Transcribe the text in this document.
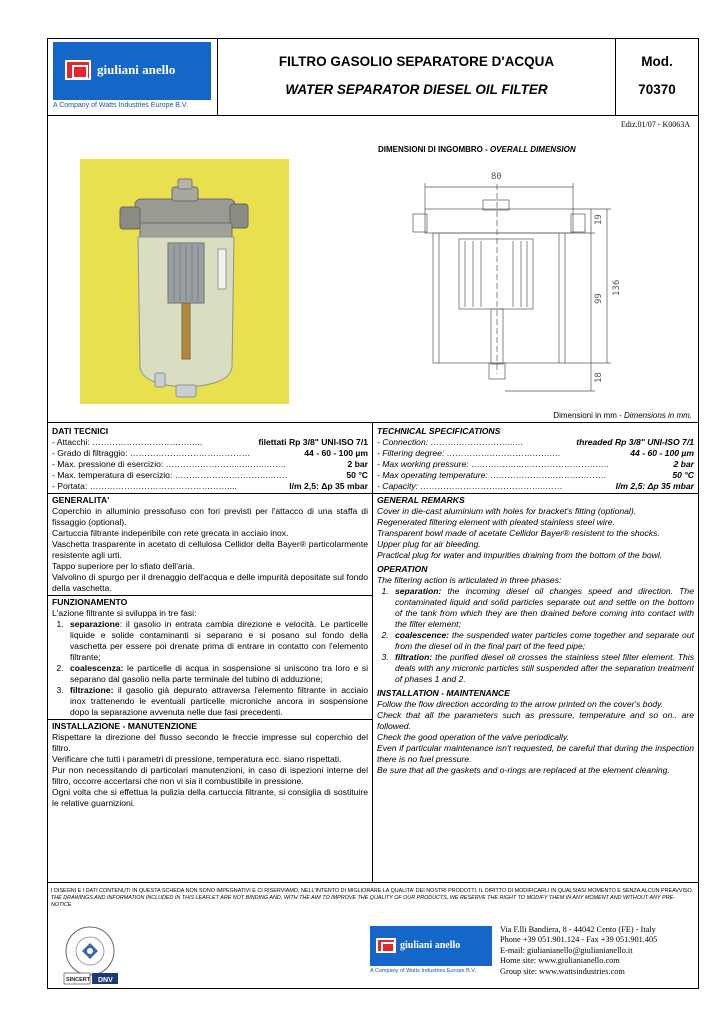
giuliani anello
A Company of Watts Industries Europe B.V.
FILTRO GASOLIO SEPARATORE D'ACQUA
WATER SEPARATOR DIESEL OIL FILTER
Mod.
70370
Ediz.01/07 - K0063A
DIMENSIONI DI INGOMBRO - OVERALL DIMENSION
80
19
99
136
18
Dimensioni in mm - Dimensions in mm.
DATI TECNICI
- Attacchi: …………………………….…..	filettati Rp 3/8" UNI-ISO 7/1
- Grado di filtraggio: ……………………………………	44 - 60 - 100 µm
- Max. pressione di esercizio: ……………………...……..……..	2 bar
- Max. temperatura di esercizio: ……………….…….……..……	50 °C
- Portata: …………………………………………....	l/m 2,5: Δp 35 mbar
GENERALITA'
Coperchio in alluminio pressofuso con fori previsti per l'attacco di una staffa di fissaggio (optional).
Cartuccia filtrante indeperibile con rete grecata in acciaio inox.
Vaschetta trasparente in acetato di cellulosa Cellidor della Bayer® particolarmente resistente agli urti.
Tappo superiore per lo sfiato dell'aria.
Valvolino di spurgo per il drenaggio dell'acqua e delle impurità depositate sul fondo della vaschetta.
FUNZIONAMENTO
L'azione filtrante si sviluppa in tre fasi:
1. separazione: il gasolio in entrata cambia direzione e velocità. Le particelle liquide e solide contaminanti si separano e si posano sul fondo della vaschetta per essere poi drenate prima di entrare in contatto con l'elemento filtrante;
2. coalescenza: le particelle di acqua in sospensione si uniscono tra loro e si separano dal gasolio nella parte terminale del tubino di adduzione;
3. filtrazione: il gasolio già depurato attraversa l'elemento filtrante in acciaio inox trattenendo le eventuali particelle microniche ancora in sospensione dopo la separazione avvenuta nelle due fasi precedenti.
INSTALLAZIONE - MANUTENZIONE
Rispettare la direzione del flusso secondo le freccie impresse sul coperchio del filtro.
Verificare che tutti i parametri di pressione, temperatura ecc. siano rispettati.
Pur non necessitando di particolari manutenzioni, in caso di ispezioni interne del filtro, occorre accertarsi che non vi sia il combustibile in pressione.
Ogni volta che si effettua la pulizia della cartuccia filtrante, si consiglia di sostituire le relative guarnizioni.
TECHNICAL SPECIFICATIONS
- Connection: ………………………...…	threaded Rp 3/8" UNI-ISO 7/1
- Filtering degree: ……………………………….…	44 - 60 - 100 µm
- Max working pressure: ………….…..……………………….…	2 bar
- Max operating temperature: ………………….……….………	50 °C
- Capacity: ……………………………………..……	l/m 2,5: Δp 35 mbar
GENERAL REMARKS
Cover in die-cast aluminium with holes for bracket's fitting (optional).
Regenerated filtering element with pleated stainless steel wire.
Transparent bowl made of acetate Cellidor Bayer® resistent to the shocks.
Upper plug for air bleeding.
Practical plug for water and impurities draining from the bottom of the bowl.
OPERATION
The filtering action is articulated in three phases:
1. separation: the incoming diesel oil changes speed and direction. The contaminated liquid and solid particles separate out and settle on the bottom of the tank from which they are then drained before coming into contact with the filter element;
2. coalescence: the suspended water particles come together and separate out from the diesel oil in the final part of the feed pipe;
3. filtration: the purified diesel oil crosses the stainless steel filter element. This deals with any micronic particles still suspended after the separation treatment of phases 1 and 2.
INSTALLATION - MAINTENANCE
Follow the flow direction according to the arrow printed on the cover's body.
Check that all the parameters such as pressure, temperature and so on.. are followed.
Check the good operation of the valve periodically.
Even if particular maintenance isn't requested, be careful that during the inspection there is no fuel pressure.
Be sure that all the gaskets and o-rings are replaced at the element cleaning.
I DISEGNI E I DATI CONTENUTI IN QUESTA SCHEDA NON SONO IMPEGNATIVI E CI RISERVIAMO, NELL'INTENTO DI MIGLIORARE LA QUALITA' DEI NOSTRI PRODOTTI, IL DIRITTO DI MODIFICARLI IN QUALSIASI MOMENTO E SENZA ALCUN PREAVVISO.
THE DRAWINGS AND INFORMATION INCLUDED IN THIS LEAFLET ARE NOT BINDING AND, WITH THE AIM TO IMPROVE THE QUALITY OF OUR PRODUCTS, WE RESERVE THE RIGHT TO MODIFY THEM IN ANY MOMENT AND WITHOUT ANY PRE-NOTICE.
SINCERT DNV
giuliani anello
A Company of Watts Industries Europe B.V.
Via F.lli Bandiera, 8 - 44042 Cento (FE) - Italy
Phone +39 051.901.124 - Fax +39 051.901.405
E-mail: giulianianello@giulianianello.it
Home site: www.giulianianello.com
Group site: www.wattsindustries.com
